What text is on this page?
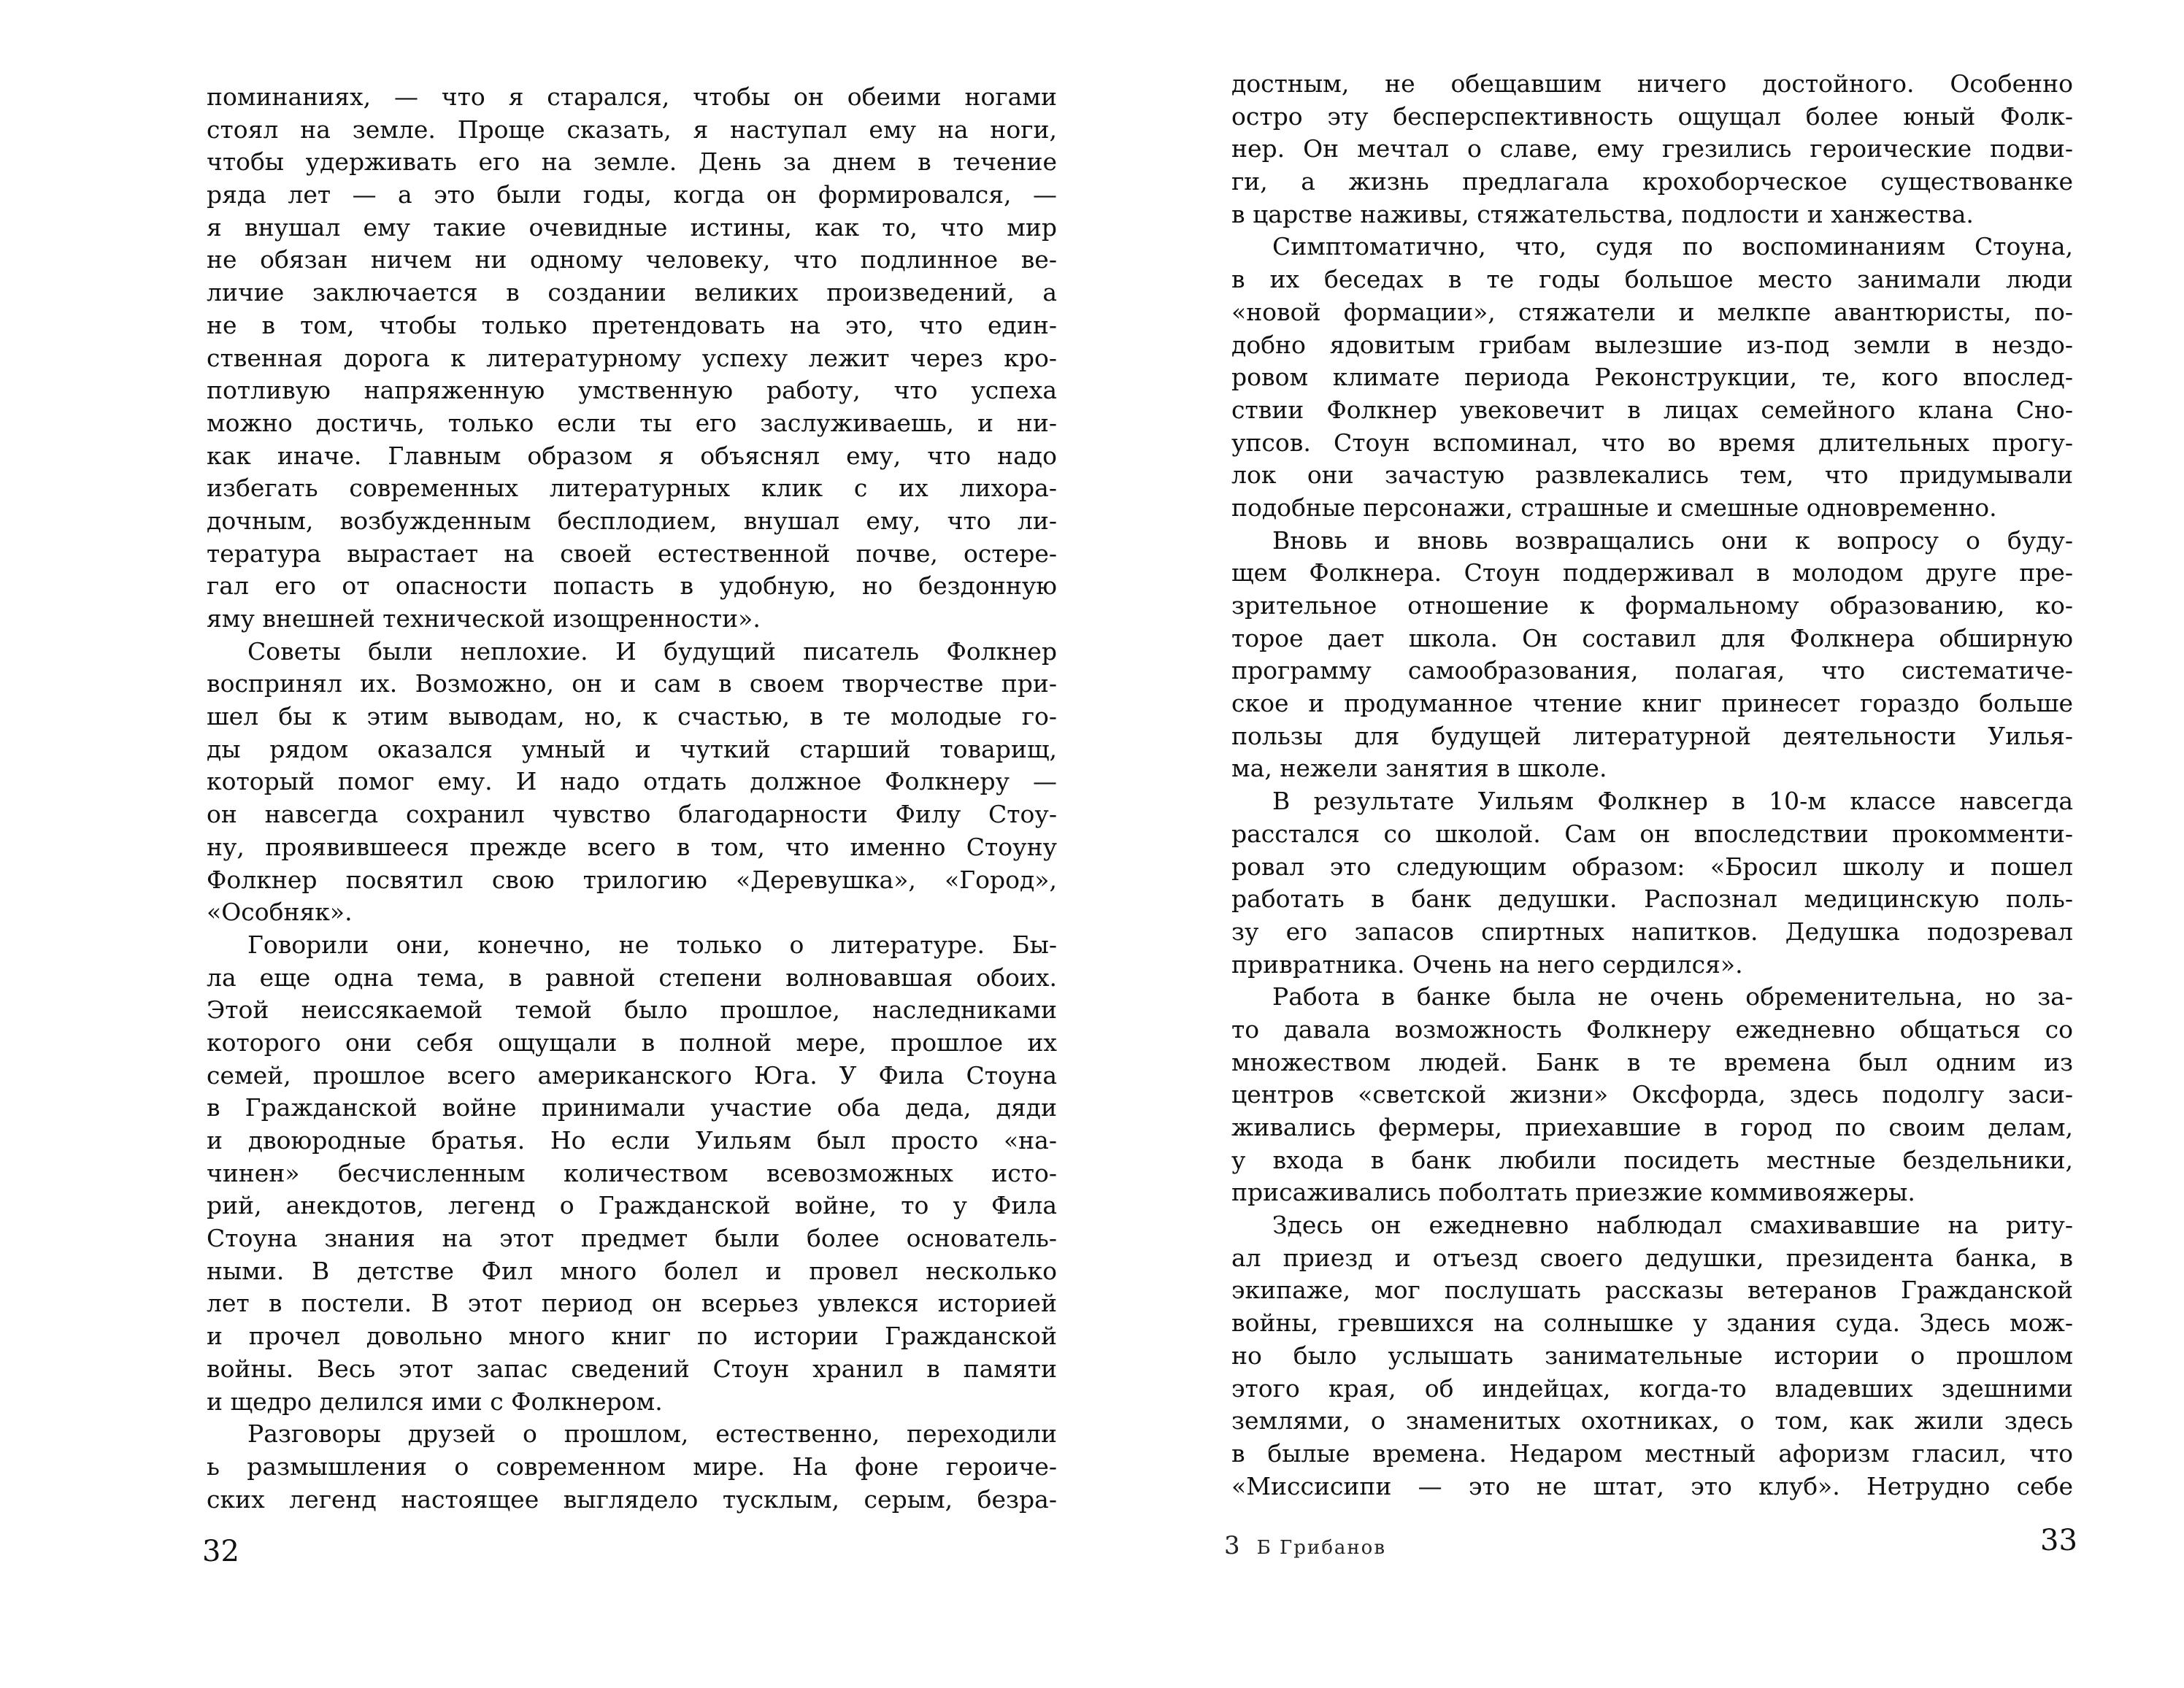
поминаниях, — что я старался, чтобы он обеими ногами
стоял на земле. Проще сказать, я наступал ему на ноги,
чтобы удерживать его на земле. День за днем в течение
ряда лет — а это были годы, когда он формировался, —
я внушал ему такие очевидные истины, как то, что мир
не обязан ничем ни одному человеку, что подлинное ве-
личие заключается в создании великих произведений, а
не в том, чтобы только претендовать на это, что един-
ственная дорога к литературному успеху лежит через кро-
потливую напряженную умственную работу, что успеха
можно достичь, только если ты его заслуживаешь, и ни-
как иначе. Главным образом я объяснял ему, что надо
избегать современных литературных клик с их лихора-
дочным, возбужденным бесплодием, внушал ему, что ли-
тература вырастает на своей естественной почве, остере-
гал его от опасности попасть в удобную, но бездонную
яму внешней технической изощренности».
Советы были неплохие. И будущий писатель Фолкнер
воспринял их. Возможно, он и сам в своем творчестве при-
шел бы к этим выводам, но, к счастью, в те молодые го-
ды рядом оказался умный и чуткий старший товарищ,
который помог ему. И надо отдать должное Фолкнеру —
он навсегда сохранил чувство благодарности Филу Стоу-
ну, проявившееся прежде всего в том, что именно Стоуну
Фолкнер посвятил свою трилогию «Деревушка», «Город»,
«Особняк».
Говорили они, конечно, не только о литературе. Бы-
ла еще одна тема, в равной степени волновавшая обоих.
Этой неиссякаемой темой было прошлое, наследниками
которого они себя ощущали в полной мере, прошлое их
семей, прошлое всего американского Юга. У Фила Стоуна
в Гражданской войне принимали участие оба деда, дяди
и двоюродные братья. Но если Уильям был просто «на-
чинен» бесчисленным количеством всевозможных исто-
рий, анекдотов, легенд о Гражданской войне, то у Фила
Стоуна знания на этот предмет были более основатель-
ными. В детстве Фил много болел и провел несколько
лет в постели. В этот период он всерьез увлекся историей
и прочел довольно много книг по истории Гражданской
войны. Весь этот запас сведений Стоун хранил в памяти
и щедро делился ими с Фолкнером.
Разговоры друзей о прошлом, естественно, переходили
ь размышления о современном мире. На фоне героиче-
ских легенд настоящее выглядело тусклым, серым, безра-
32
достным, не обещавшим ничего достойного. Особенно
остро эту бесперспективность ощущал более юный Фолк-
нер. Он мечтал о славе, ему грезились героические подви-
ги, а жизнь предлагала крохоборческое существованке
в царстве наживы, стяжательства, подлости и ханжества.
Симптоматично, что, судя по воспоминаниям Стоуна,
в их беседах в те годы большое место занимали люди
«новой формации», стяжатели и мелкпе авантюристы, по-
добно ядовитым грибам вылезшие из-под земли в нездо-
ровом климате периода Реконструкции, те, кого впослед-
ствии Фолкнер увековечит в лицах семейного клана Сно-
упсов. Стоун вспоминал, что во время длительных прогу-
лок они зачастую развлекались тем, что придумывали
подобные персонажи, страшные и смешные одновременно.
Вновь и вновь возвращались они к вопросу о буду-
щем Фолкнера. Стоун поддерживал в молодом друге пре-
зрительное отношение к формальному образованию, ко-
торое дает школа. Он составил для Фолкнера обширную
программу самообразования, полагая, что систематиче-
ское и продуманное чтение книг принесет гораздо больше
пользы для будущей литературной деятельности Уилья-
ма, нежели занятия в школе.
В результате Уильям Фолкнер в 10-м классе навсегда
расстался со школой. Сам он впоследствии прокомменти-
ровал это следующим образом: «Бросил школу и пошел
работать в банк дедушки. Распознал медицинскую поль-
зу его запасов спиртных напитков. Дедушка подозревал
привратника. Очень на него сердился».
Работа в банке была не очень обременительна, но за-
то давала возможность Фолкнеру ежедневно общаться со
множеством людей. Банк в те времена был одним из
центров «светской жизни» Оксфорда, здесь подолгу заси-
живались фермеры, приехавшие в город по своим делам,
у входа в банк любили посидеть местные бездельники,
присаживались поболтать приезжие коммивояжеры.
Здесь он ежедневно наблюдал смахивавшие на риту-
ал приезд и отъезд своего дедушки, президента банка, в
экипаже, мог послушать рассказы ветеранов Гражданской
войны, гревшихся на солнышке у здания суда. Здесь мож-
но было услышать занимательные истории о прошлом
этого края, об индейцах, когда-то владевших здешними
землями, о знаменитых охотниках, о том, как жили здесь
в былые времена. Недаром местный афоризм гласил, что
«Миссисипи — это не штат, это клуб». Нетрудно себе
3 Б Грибанов	33
